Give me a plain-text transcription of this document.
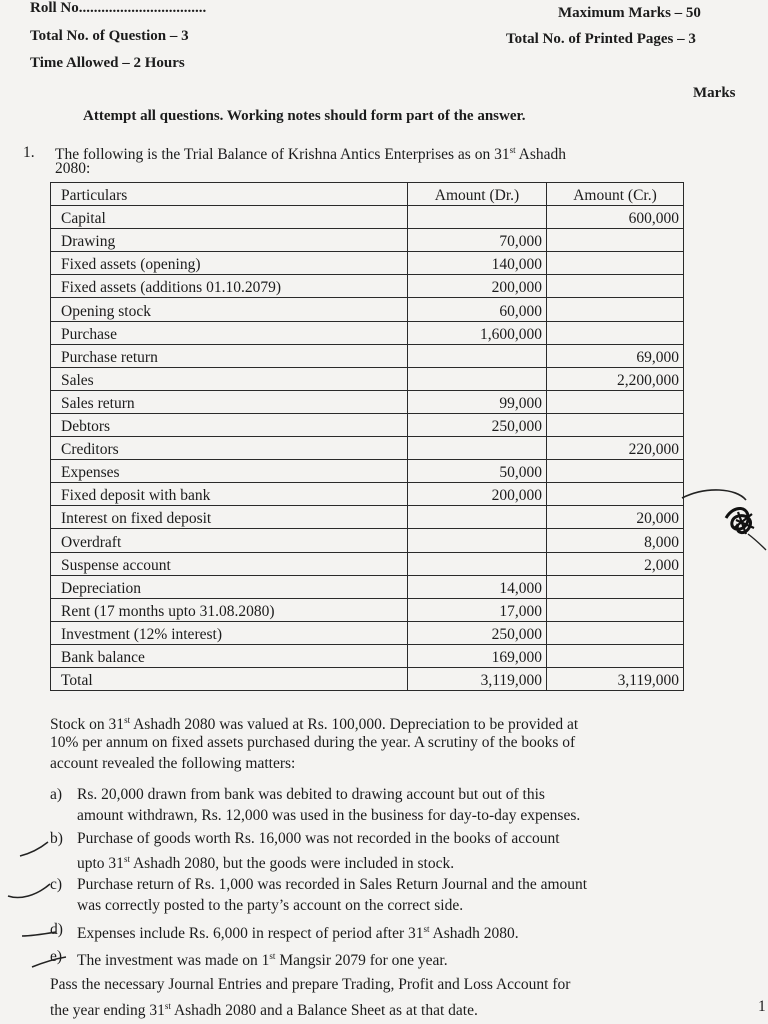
Roll No..................................	Maximum Marks – 50
Total No. of Question – 3	Total No. of Printed Pages – 3
Time Allowed – 2 Hours
Marks
Attempt all questions. Working notes should form part of the answer.
1. The following is the Trial Balance of Krishna Antics Enterprises as on 31st Ashadh
2080:
Particulars	Amount (Dr.)	Amount (Cr.)
Capital		600,000
Drawing	70,000	
Fixed assets (opening)	140,000	
Fixed assets (additions 01.10.2079)	200,000	
Opening stock	60,000	
Purchase	1,600,000	
Purchase return		69,000
Sales		2,200,000
Sales return	99,000	
Debtors	250,000	
Creditors		220,000
Expenses	50,000	
Fixed deposit with bank	200,000	
Interest on fixed deposit		20,000
Overdraft		8,000
Suspense account		2,000
Depreciation	14,000	
Rent (17 months upto 31.08.2080)	17,000	
Investment (12% interest)	250,000	
Bank balance	169,000	
Total	3,119,000	3,119,000
Stock on 31st Ashadh 2080 was valued at Rs. 100,000. Depreciation to be provided at
10% per annum on fixed assets purchased during the year. A scrutiny of the books of
account revealed the following matters:
a) Rs. 20,000 drawn from bank was debited to drawing account but out of this
amount withdrawn, Rs. 12,000 was used in the business for day-to-day expenses.
b) Purchase of goods worth Rs. 16,000 was not recorded in the books of account
upto 31st Ashadh 2080, but the goods were included in stock.
c) Purchase return of Rs. 1,000 was recorded in Sales Return Journal and the amount
was correctly posted to the party’s account on the correct side.
d) Expenses include Rs. 6,000 in respect of period after 31st Ashadh 2080.
e) The investment was made on 1st Mangsir 2079 for one year.
Pass the necessary Journal Entries and prepare Trading, Profit and Loss Account for
the year ending 31st Ashadh 2080 and a Balance Sheet as at that date.	1
